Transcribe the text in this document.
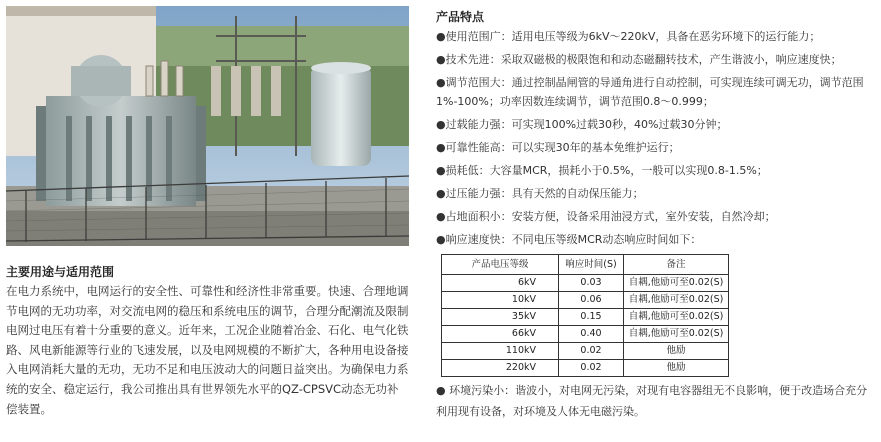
主要用途与适用范围
在电力系统中，电网运行的安全性、可靠性和经济性非常重要。快速、合理地调节电网的无功功率，对交流电网的稳压和系统电压的调节，合理分配潮流及限制电网过电压有着十分重要的意义。近年来，工况企业随着冶金、石化、电气化铁路、风电新能源等行业的飞速发展，以及电网规模的不断扩大，各种用电设备接入电网消耗大量的无功，无功不足和电压波动大的问题日益突出。为确保电力系统的安全、稳定运行，我公司推出具有世界领先水平的QZ-CPSVC动态无功补偿装置。
产品特点
●使用范围广：适用电压等级为6kV～220kV，具备在恶劣环境下的运行能力；
●技术先进：采取双磁极的极限饱和和动态磁翻转技术，产生谐波小，响应速度快；
●调节范围大：通过控制晶闸管的导通角进行自动控制，可实现连续可调无功，调节范围1%-100%；功率因数连续调节，调节范围0.8～0.999；
●过载能力强：可实现100%过载30秒，40%过载30分钟；
●可靠性能高：可以实现30年的基本免维护运行；
●损耗低：大容量MCR，损耗小于0.5%，一般可以实现0.8-1.5%；
●过压能力强：具有天然的自动保压能力；
●占地面积小：安装方便，设备采用油浸方式，室外安装，自然冷却；
●响应速度快：不同电压等级MCR动态响应时间如下：
产品电压等级	响应时间(S)	备注
6kV	0.03	自耦,他励可至0.02(S)
10kV	0.06	自耦,他励可至0.02(S)
35kV	0.15	自耦,他励可至0.02(S)
66kV	0.40	自耦,他励可至0.02(S)
110kV	0.02	他励
220kV	0.02	他励
● 环境污染小：谐波小，对电网无污染，对现有电容器组无不良影响，便于改造场合充分利用现有设备，对环境及人体无电磁污染。
